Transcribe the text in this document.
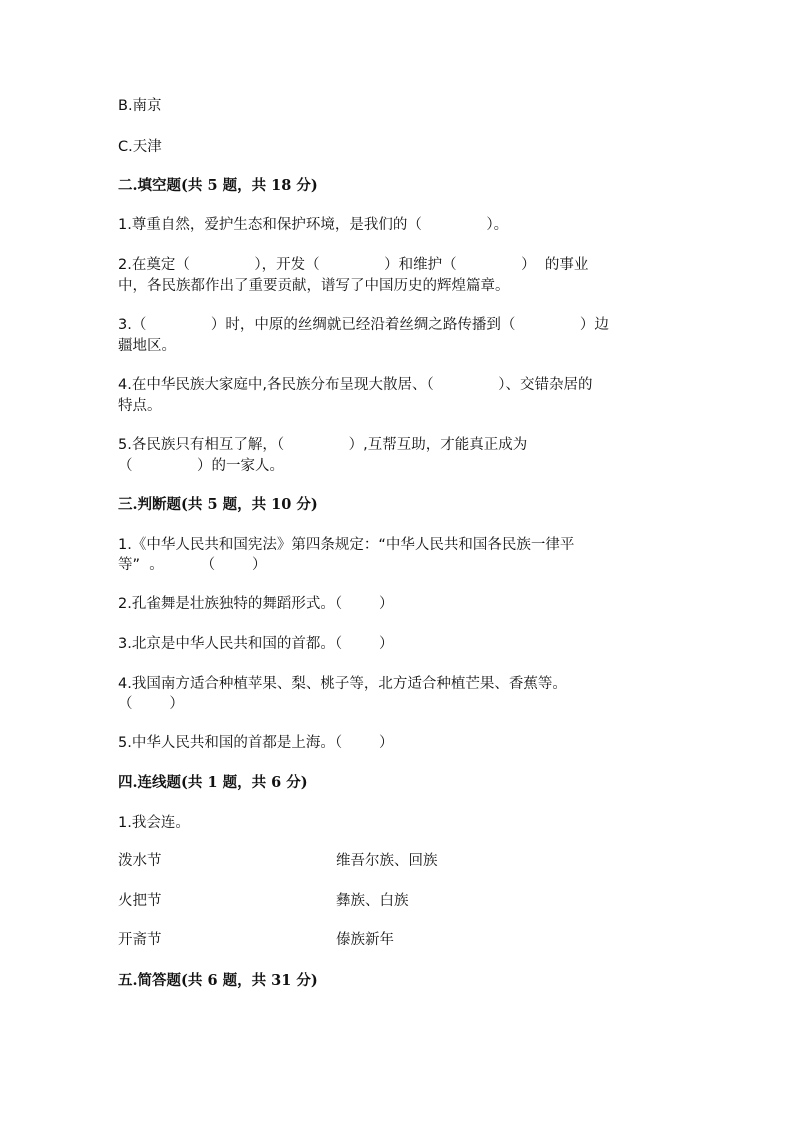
B.南京
C.天津
二.填空题(共 5 题，共 18 分)
1.尊重自然，爱护生态和保护环境，是我们的（              ）。
2.在奠定（              ），开发（              ）和维护（              ）  的事业
中，各民族都作出了重要贡献，谱写了中国历史的辉煌篇章。
3.（              ）时，中原的丝绸就已经沿着丝绸之路传播到（              ）边
疆地区。
4.在中华民族大家庭中,各民族分布呈现大散居、（              ）、交错杂居的
特点。
5.各民族只有相互了解，（              ）,互帮互助，才能真正成为
（              ）的一家人。
三.判断题(共 5 题，共 10 分)
1.《中华人民共和国宪法》第四条规定：“中华人民共和国各民族一律平
等”  。        （        ）
2.孔雀舞是壮族独特的舞蹈形式。（        ）
3.北京是中华人民共和国的首都。（        ）
4.我国南方适合种植苹果、梨、桃子等，北方适合种植芒果、香蕉等。
（        ）
5.中华人民共和国的首都是上海。（        ）
四.连线题(共 1 题，共 6 分)
1.我会连。
泼水节	维吾尔族、回族
火把节	彝族、白族
开斋节	傣族新年
五.简答题(共 6 题，共 31 分)
